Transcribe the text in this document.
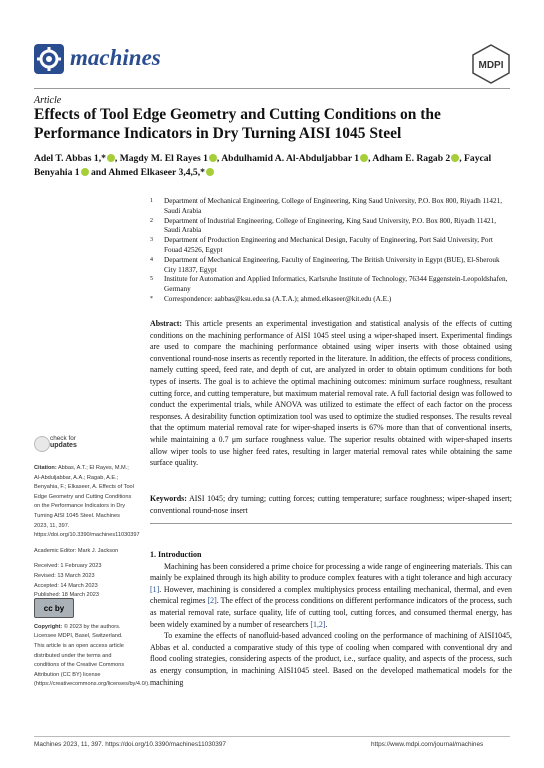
machines	MDPI
Article
Effects of Tool Edge Geometry and Cutting Conditions on the Performance Indicators in Dry Turning AISI 1045 Steel
Adel T. Abbas 1,* , Magdy M. El Rayes 1 , Abdulhamid A. Al-Abduljabbar 1 , Adham E. Ragab 2 , Faycal Benyahia 1 and Ahmed Elkaseer 3,4,5,*
1	Department of Mechanical Engineering, College of Engineering, King Saud University, P.O. Box 800, Riyadh 11421, Saudi Arabia
2	Department of Industrial Engineering, College of Engineering, King Saud University, P.O. Box 800, Riyadh 11421, Saudi Arabia
3	Department of Production Engineering and Mechanical Design, Faculty of Engineering, Port Said University, Port Fouad 42526, Egypt
4	Department of Mechanical Engineering, Faculty of Engineering, The British University in Egypt (BUE), El-Sherouk City 11837, Egypt
5	Institute for Automation and Applied Informatics, Karlsruhe Institute of Technology, 76344 Eggenstein-Leopoldshafen, Germany
*	Correspondence: aabbas@ksu.edu.sa (A.T.A.); ahmed.elkaseer@kit.edu (A.E.)
Abstract: This article presents an experimental investigation and statistical analysis of the effects of cutting conditions on the machining performance of AISI 1045 steel using a wiper-shaped insert. Experimental findings are used to compare the machining performance obtained using wiper inserts with those obtained using conventional round-nose inserts as recently reported in the literature. In addition, the effects of process conditions, namely cutting speed, feed rate, and depth of cut, are analyzed in order to obtain optimum conditions for both types of inserts. The goal is to achieve the optimal machining outcomes: minimum surface roughness, resultant cutting force, and cutting temperature, but maximum material removal rate. A full factorial design was followed to conduct the experimental trials, while ANOVA was utilized to estimate the effect of each factor on the process responses. A desirability function optimization tool was used to optimize the studied responses. The results reveal that the optimum material removal rate for wiper-shaped inserts is 67% more than that of conventional inserts, while maintaining a 0.7 μm surface roughness value. The superior results obtained with wiper-shaped inserts allow wiper tools to use higher feed rates, resulting in larger material removal rates while obtaining the same surface quality.
Keywords: AISI 1045; dry turning; cutting forces; cutting temperature; surface roughness; wiper-shaped insert; conventional round-nose insert
check for
updates

Citation: Abbas, A.T.; El Rayes, M.M.; Al-Abduljabbar, A.A.; Ragab, A.E.; Benyahia, F.; Elkaseer, A. Effects of Tool Edge Geometry and Cutting Conditions on the Performance Indicators in Dry Turning AISI 1045 Steel. Machines 2023, 11, 397. https://doi.org/10.3390/machines11030397

Academic Editor: Mark J. Jackson

Received: 1 February 2023

Revised: 13 March 2023

Accepted: 14 March 2023

Published: 18 March 2023

Copyright: © 2023 by the authors. Licensee MDPI, Basel, Switzerland. This article is an open access article distributed under the terms and conditions of the Creative Commons Attribution (CC BY) license (https://creativecommons.org/licenses/by/4.0/).

cc by

1. Introduction

Machining has been considered a prime choice for processing a wide range of engineering materials. This can mainly be explained through its high ability to produce complex features with a tight tolerance and high accuracy [1]. However, machining is considered a complex multiphysics process entailing mechanical, thermal, and even chemical regimes [2]. The effect of the process conditions on different performance indicators of the process, such as material removal rate, surface quality, life of cutting tool, cutting forces, and consumed thermal energy, has been widely examined by a number of researchers [1,2].

To examine the effects of nanofluid-based advanced cooling on the performance of machining of AISI1045, Abbas et al. conducted a comparative study of this type of cooling when compared with conventional dry and flood cooling strategies, considering aspects of the product, i.e., surface quality, and aspects of the process, such as energy consumption, in machining AISI1045 steel. Based on the developed mathematical models for the machining

Machines 2023, 11, 397. https://doi.org/10.3390/machines11030397	https://www.mdpi.com/journal/machines
